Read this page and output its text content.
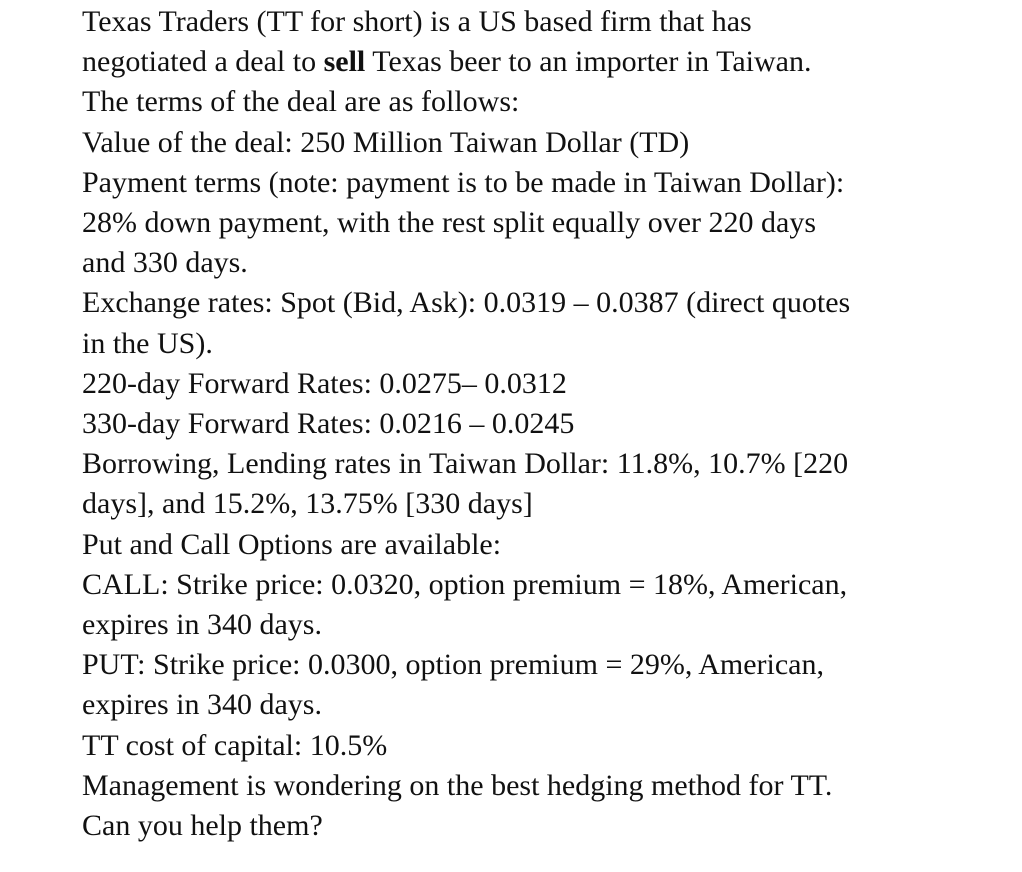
Texas Traders (TT for short) is a US based firm that has
negotiated a deal to sell Texas beer to an importer in Taiwan.
The terms of the deal are as follows:
Value of the deal: 250 Million Taiwan Dollar (TD)
Payment terms (note: payment is to be made in Taiwan Dollar):
28% down payment, with the rest split equally over 220 days
and 330 days.
Exchange rates: Spot (Bid, Ask): 0.0319 – 0.0387 (direct quotes
in the US).
220-day Forward Rates: 0.0275– 0.0312
330-day Forward Rates: 0.0216 – 0.0245
Borrowing, Lending rates in Taiwan Dollar: 11.8%, 10.7% [220
days], and 15.2%, 13.75% [330 days]
Put and Call Options are available:
CALL: Strike price: 0.0320, option premium = 18%, American,
expires in 340 days.
PUT: Strike price: 0.0300, option premium = 29%, American,
expires in 340 days.
TT cost of capital: 10.5%
Management is wondering on the best hedging method for TT.
Can you help them?
